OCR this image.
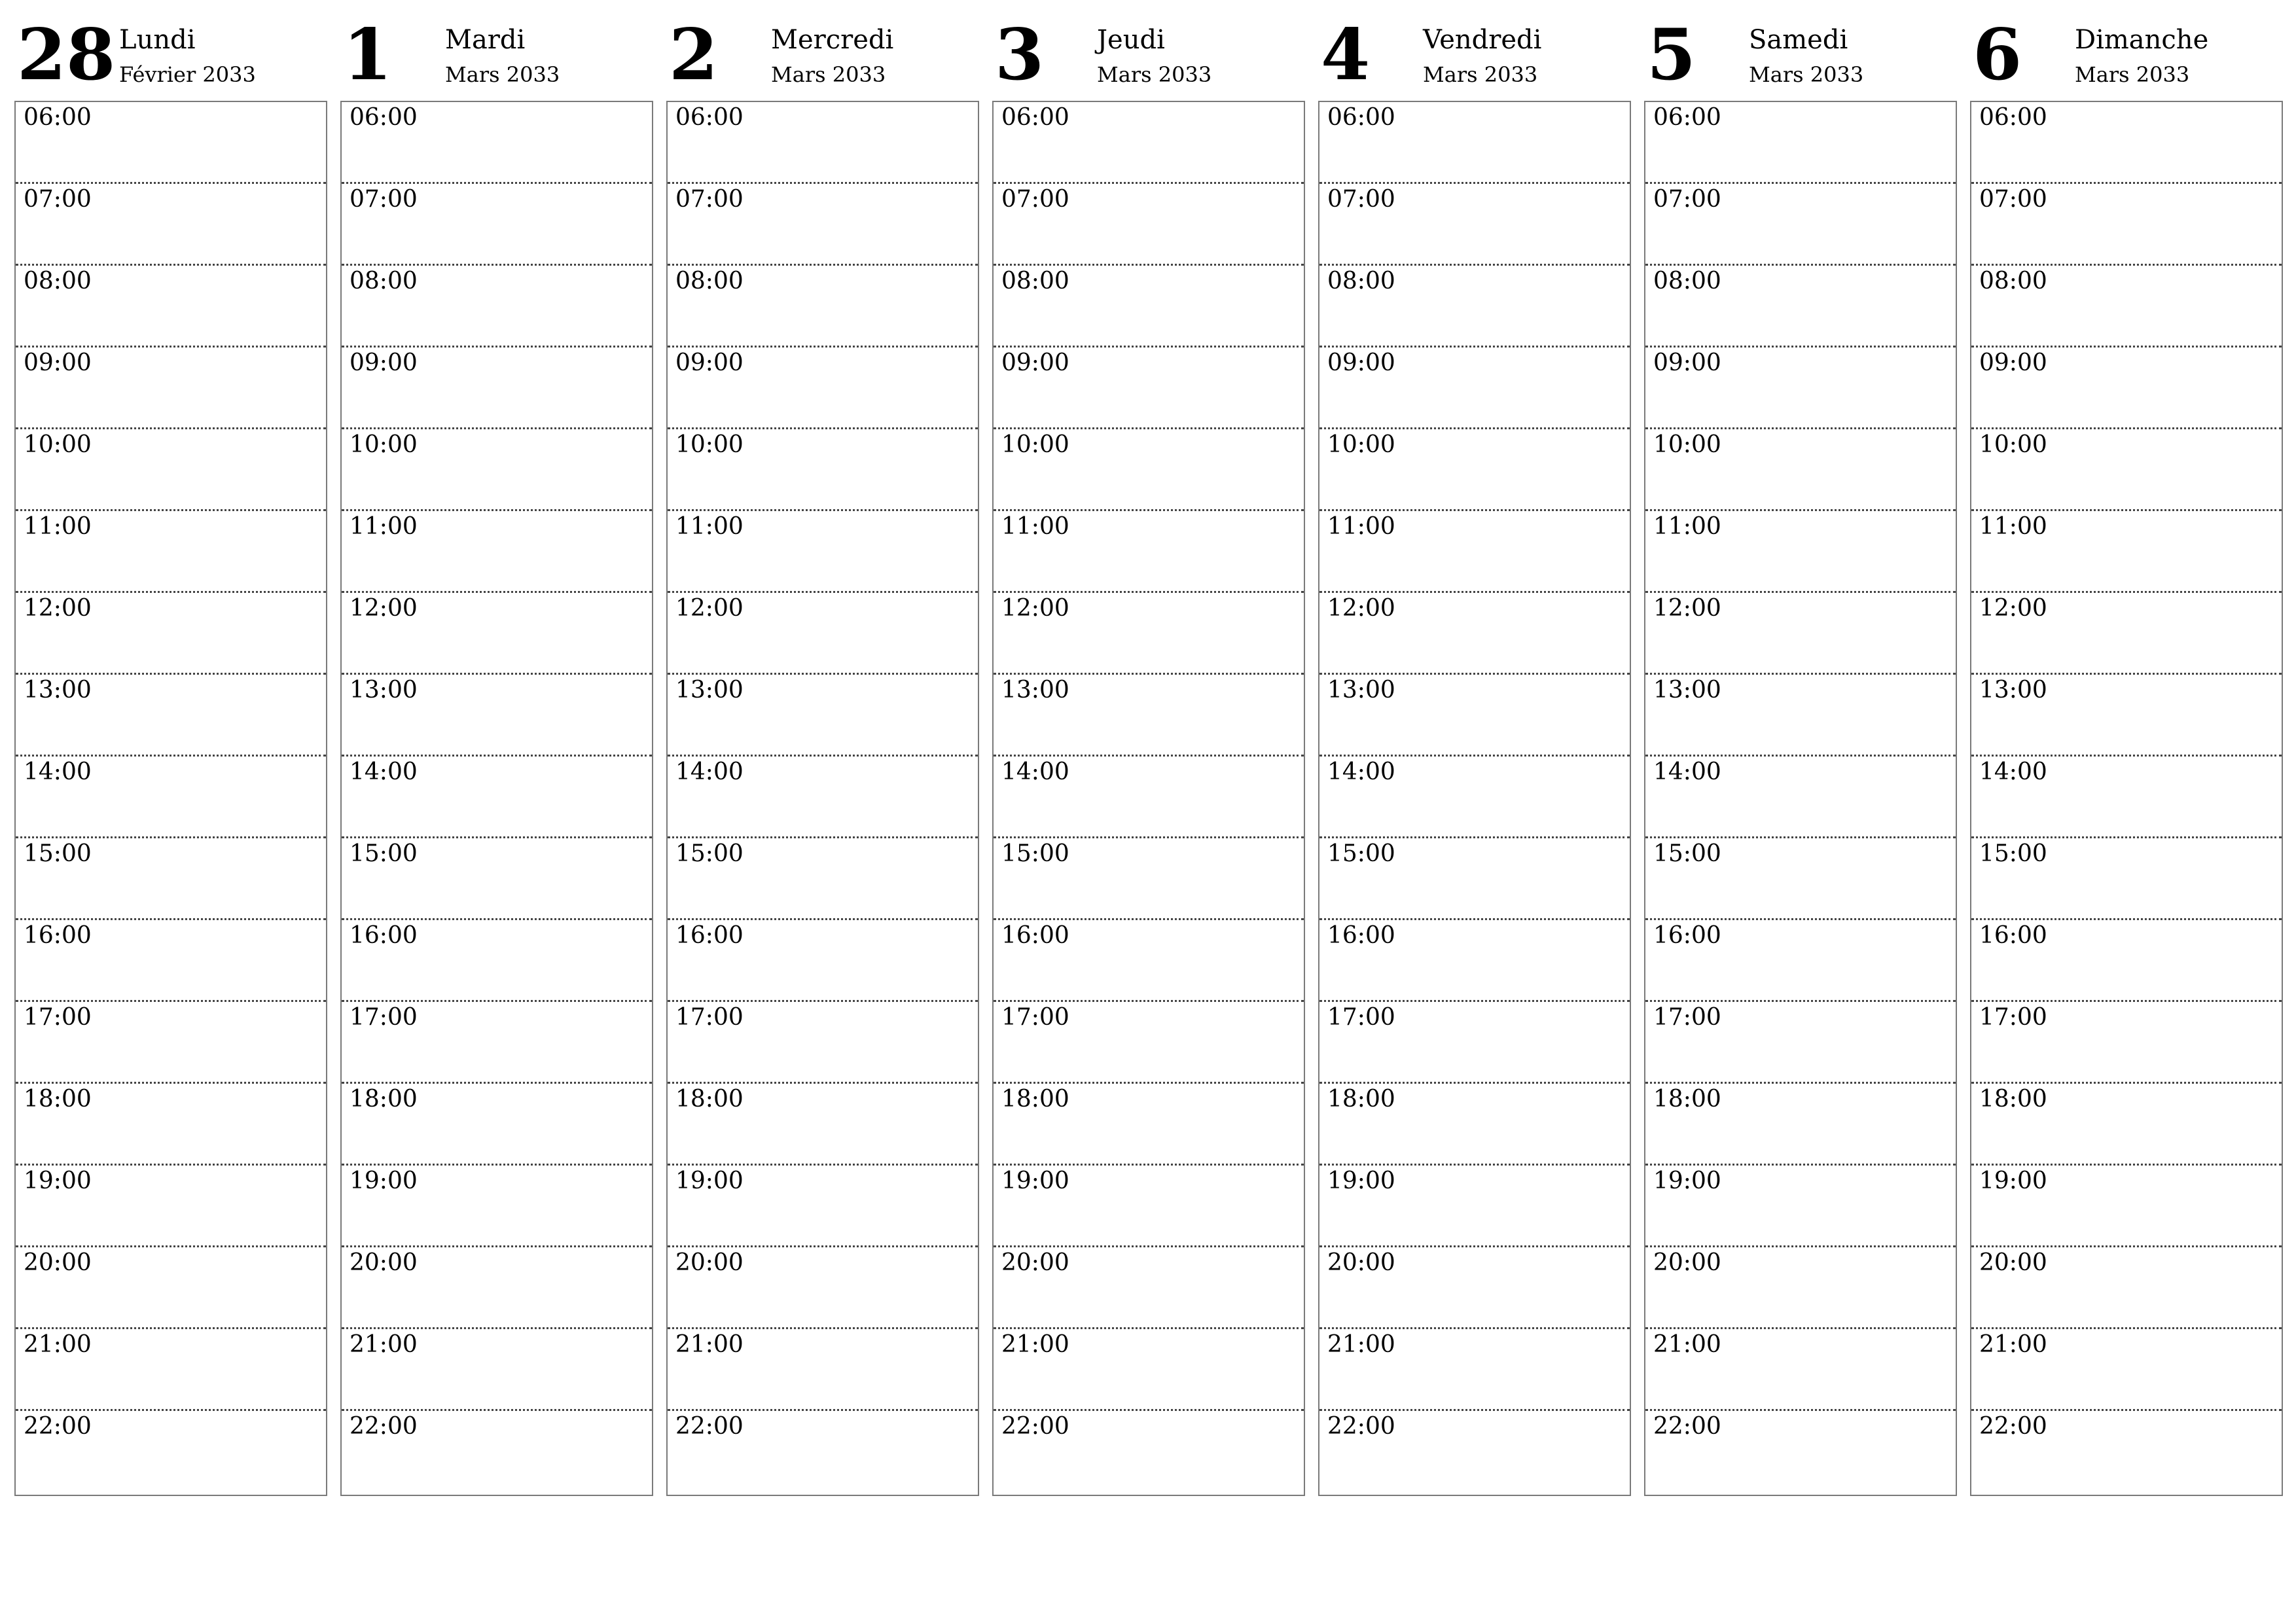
28 Lundi
Février 2033
06:00
07:00
08:00
09:00
10:00
11:00
12:00
13:00
14:00
15:00
16:00
17:00
18:00
19:00
20:00
21:00
22:00
1 Mardi
Mars 2033
06:00
07:00
08:00
09:00
10:00
11:00
12:00
13:00
14:00
15:00
16:00
17:00
18:00
19:00
20:00
21:00
22:00
2 Mercredi
Mars 2033
06:00
07:00
08:00
09:00
10:00
11:00
12:00
13:00
14:00
15:00
16:00
17:00
18:00
19:00
20:00
21:00
22:00
3 Jeudi
Mars 2033
06:00
07:00
08:00
09:00
10:00
11:00
12:00
13:00
14:00
15:00
16:00
17:00
18:00
19:00
20:00
21:00
22:00
4 Vendredi
Mars 2033
06:00
07:00
08:00
09:00
10:00
11:00
12:00
13:00
14:00
15:00
16:00
17:00
18:00
19:00
20:00
21:00
22:00
5 Samedi
Mars 2033
06:00
07:00
08:00
09:00
10:00
11:00
12:00
13:00
14:00
15:00
16:00
17:00
18:00
19:00
20:00
21:00
22:00
6 Dimanche
Mars 2033
06:00
07:00
08:00
09:00
10:00
11:00
12:00
13:00
14:00
15:00
16:00
17:00
18:00
19:00
20:00
21:00
22:00
